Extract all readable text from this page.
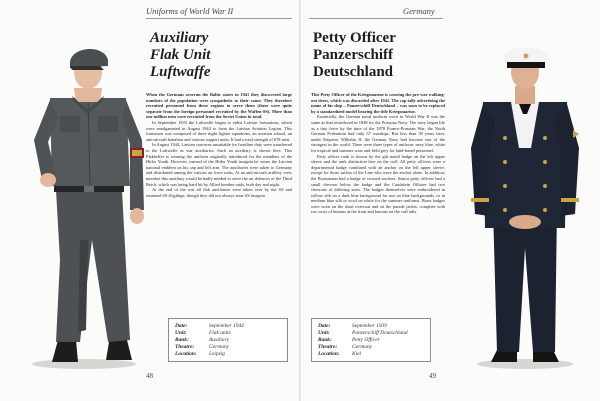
Uniforms of World War II
Auxiliary
Flak Unit
Luftwaffe

When the Germans overran the Baltic states in 1941 they discovered large numbers of the population were sympathetic to their cause. They therefore recruited personnel from these regions to serve them (these were quite separate from the foreign personnel recruited by the Waffen-SS). More than one million men were recruited from the Soviet Union in total.

In September 1943 the Luftwaffe began to enlist Latvian formations, which were amalgamated in August 1944 to form the Latvian Aviation Legion. This formation was composed of three night fighter squadrons, an aviation school, an anti-aircraft battalion and various support units. It had a total strength of 678 men.

In August 1944, Latvian concerns unsuitable for frontline duty were transferred to the Luftwaffe as war auxiliaries. Such an auxiliary is shown here. This Flakhelfer is wearing the uniform originally introduced for the members of the Hitler Youth. However, instead of the Hitler Youth insignia he wears the Latvian national emblem on his cap and left arm. The auxiliaries were taken to Germany and distributed among the various air force units. At an anti-aircraft artillery crew member this auxiliary would be badly needed to serve the air defences of the Third Reich, which was being hard hit by Allied bomber raids, both day and night.

At the end of the war all flak auxiliaries were taken over by the SS and renamed SS-Zöglinge, though they did not always wear SS insignia.

Date:	September 1944
Unit:	Flak units
Rank:	Auxiliary
Theatre:	Germany
Location:	Leipzig
48
Germany
Petty Officer
Panzerschiff
Deutschland

This Petty Officer of the Kriegsmarine is wearing the pre-war walking-out dress, which was discarded after 1941. The cap tally advertising the name of his ship – Panzerschiff Deutschland – was soon to be replaced by a standardized model bearing the title Kriegsmarine.

Essentially, the German naval uniform worn in World War II was the same as that introduced in 1848 for the Prussian Navy. The navy began life as a tiny force by the time of the 1870 Franco-Prussian War, the North German Federation had only 37 warships. But less than 30 years later, under Emperor Wilhelm II, the German Navy had become one of the strongest in the world. There were three types of uniform: navy blue, white for tropical and summer wear and field grey for land-based personnel.

Petty officer rank is shown by the gilt metal badge on the left upper sleeve and the rank distinction lace on the cuff. All petty officers wore a departmental badge combined with an anchor on the left upper sleeve, except for those sailors of the Line who wore the anchor alone. In addition, the Bootsmann had a badge of crossed anchors. Senior petty officers had a small chevron below the badge and the Caudalein Offizier had two chevrons of differing sizes. The badges themselves were embroidered in yellow silk on a dark blue background for use on blue backgrounds, or in medium blue silk or wool on white for the summer uniforms. Brass badges were worn on the short overcoat and on the parade jacket, complete with two rows of buttons at the front and buttons on the cuff tabs.

Date:	September 1939
Unit:	Panzerschiff Deutschland
Rank:	Petty Officer
Theatre:	Germany
Location:	Kiel
49
